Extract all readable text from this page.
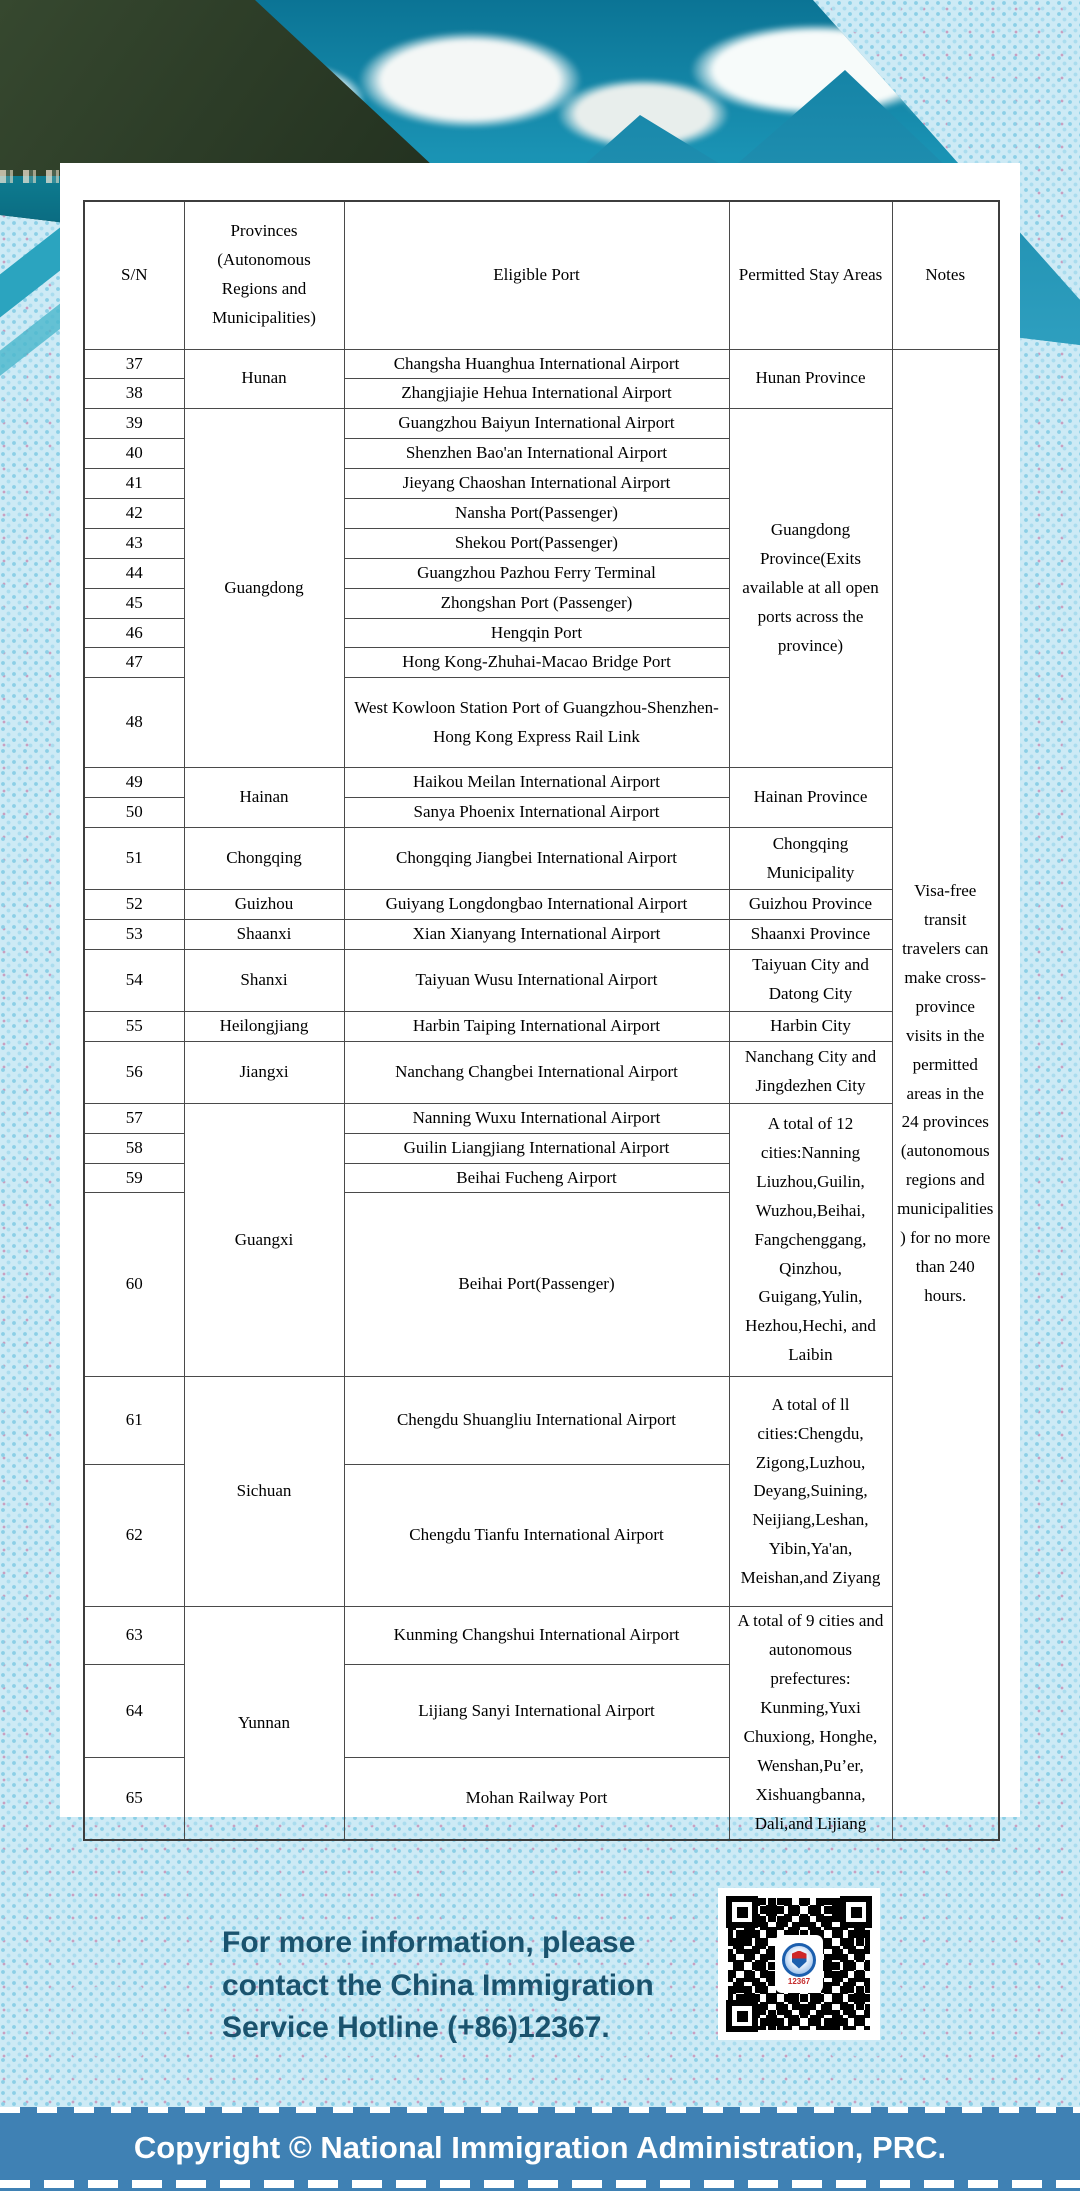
S/N	Provinces (Autonomous Regions and Municipalities)	Eligible Port	Permitted Stay Areas	Notes
37	Hunan	Changsha Huanghua International Airport	Hunan Province	Visa-free transit travelers can make cross-province visits in the permitted areas in the 24 provinces (autonomous regions and municipalities) for no more than 240 hours.
38		Zhangjiajie Hehua International Airport		
39	Guangdong	Guangzhou Baiyun International Airport	Guangdong Province(Exits available at all open ports across the province)	
40		Shenzhen Bao'an International Airport		
41		Jieyang Chaoshan International Airport		
42		Nansha Port(Passenger)		
43		Shekou Port(Passenger)		
44		Guangzhou Pazhou Ferry Terminal		
45		Zhongshan Port (Passenger)		
46		Hengqin Port		
47		Hong Kong-Zhuhai-Macao Bridge Port		
48		West Kowloon Station Port of Guangzhou-Shenzhen-Hong Kong Express Rail Link		
49	Hainan	Haikou Meilan International Airport	Hainan Province	
50		Sanya Phoenix International Airport		
51	Chongqing	Chongqing Jiangbei International Airport	Chongqing Municipality	
52	Guizhou	Guiyang Longdongbao International Airport	Guizhou Province	
53	Shaanxi	Xian Xianyang International Airport	Shaanxi Province	
54	Shanxi	Taiyuan Wusu International Airport	Taiyuan City and Datong City	
55	Heilongjiang	Harbin Taiping International Airport	Harbin City	
56	Jiangxi	Nanchang Changbei International Airport	Nanchang City and Jingdezhen City	
57	Guangxi	Nanning Wuxu International Airport	A total of 12 cities:Nanning Liuzhou,Guilin, Wuzhou,Beihai, Fangchenggang, Qinzhou, Guigang,Yulin, Hezhou,Hechi, and Laibin	
58		Guilin Liangjiang International Airport		
59		Beihai Fucheng Airport		
60		Beihai Port(Passenger)		
61	Sichuan	Chengdu Shuangliu International Airport	A total of ll cities:Chengdu, Zigong,Luzhou, Deyang,Suining, Neijiang,Leshan, Yibin,Ya'an, Meishan,and Ziyang	
62		Chengdu Tianfu International Airport		
63	Yunnan	Kunming Changshui International Airport	A total of 9 cities and autonomous prefectures: Kunming,Yuxi Chuxiong, Honghe, Wenshan,Pu’er, Xishuangbanna, Dali,and Lijiang	
64		Lijiang Sanyi International Airport		
65		Mohan Railway Port		
For more information, please contact the China Immigration Service Hotline (+86)12367.
12367

Copyright © National Immigration Administration, PRC.
